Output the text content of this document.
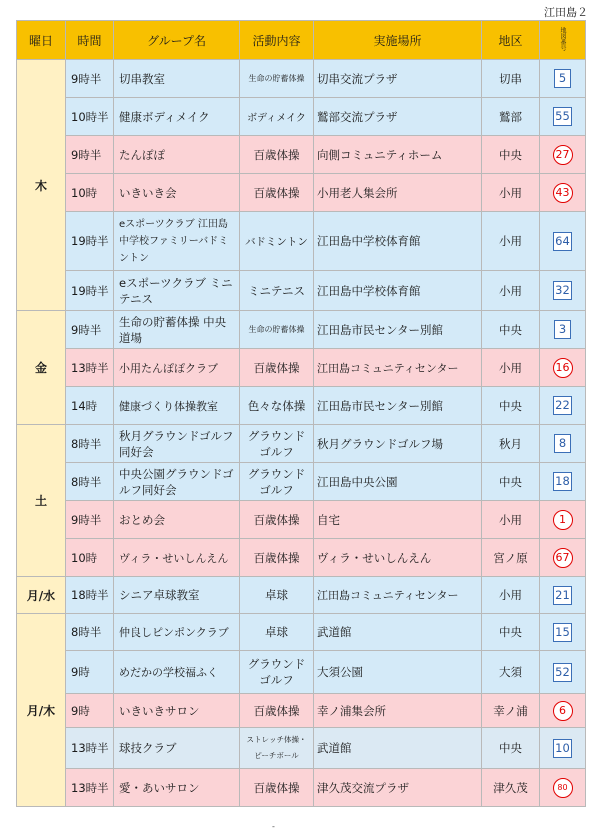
江田島２
曜日	時間	グループ名	活動内容	実施場所	地区	地図番号
木	9時半	切串教室	生命の貯蓄体操	切串交流プラザ	切串	5
	10時半	健康ボディメイク	ボディメイク	鷲部交流プラザ	鷲部	55
	9時半	たんぽぽ	百歳体操	向側コミュニティホーム	中央	27
	10時	いきいき会	百歳体操	小用老人集会所	小用	43
	19時半	eスポーツクラブ 江田島中学校ファミリーバドミントン	バドミントン	江田島中学校体育館	小用	64
	19時半	eスポーツクラブ ミニテニス	ミニテニス	江田島中学校体育館	小用	32
金	9時半	生命の貯蓄体操 中央道場	生命の貯蓄体操	江田島市民センター別館	中央	3
	13時半	小用たんぽぽクラブ	百歳体操	江田島コミュニティセンター	小用	16
	14時	健康づくり体操教室	色々な体操	江田島市民センター別館	中央	22
土	8時半	秋月グラウンドゴルフ同好会	グラウンドゴルフ	秋月グラウンドゴルフ場	秋月	8
	8時半	中央公園グラウンドゴルフ同好会	グラウンドゴルフ	江田島中央公園	中央	18
	9時半	おとめ会	百歳体操	自宅	小用	1
	10時	ヴィラ・せいしんえん	百歳体操	ヴィラ・せいしんえん	宮ノ原	67
月/水	18時半	シニア卓球教室	卓球	江田島コミュニティセンター	小用	21
月/木	8時半	仲良しピンポンクラブ	卓球	武道館	中央	15
	9時	めだかの学校福ふく	グラウンドゴルフ	大須公園	大須	52
	9時	いきいきサロン	百歳体操	幸ノ浦集会所	幸ノ浦	6
	13時半	球技クラブ	ストレッチ体操・ピーチボール	武道館	中央	10
	13時半	愛・あいサロン	百歳体操	津久茂交流プラザ	津久茂	80
-
